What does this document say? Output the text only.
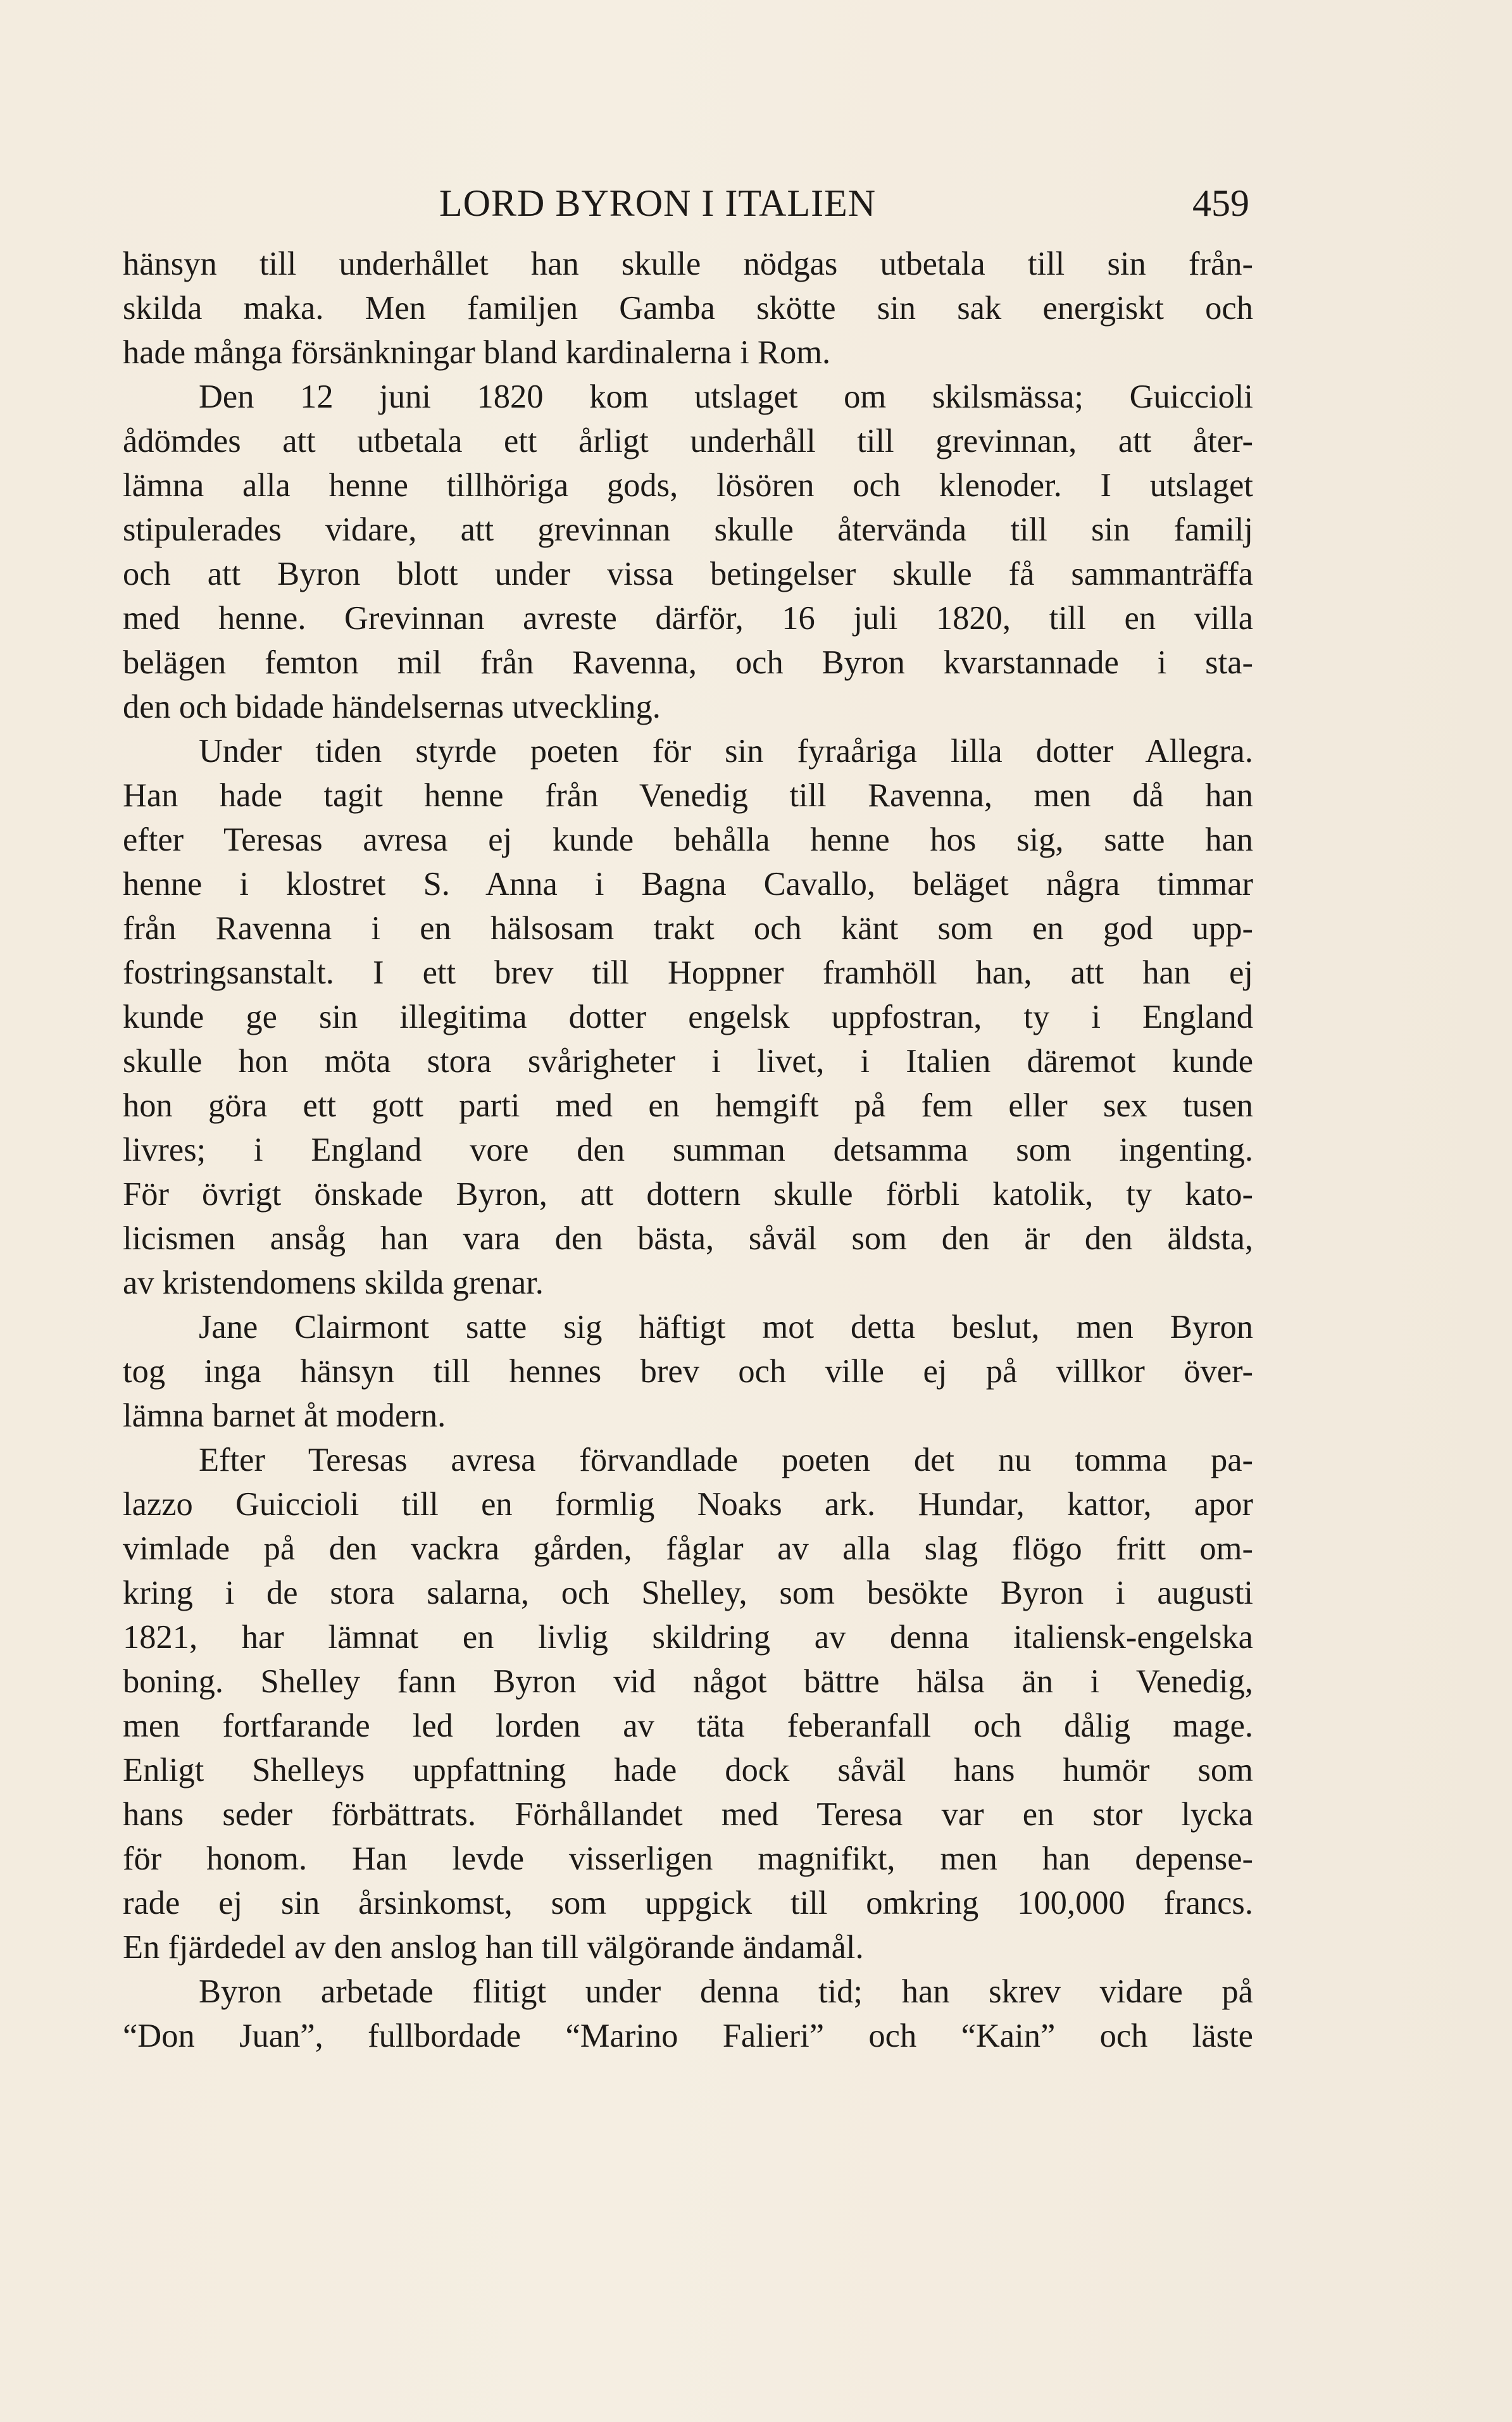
LORD BYRON I ITALIEN	459
hänsyn till underhållet han skulle nödgas utbetala till sin från-
skilda maka. Men familjen Gamba skötte sin sak energiskt och
hade många försänkningar bland kardinalerna i Rom.
Den 12 juni 1820 kom utslaget om skilsmässa; Guiccioli
ådömdes att utbetala ett årligt underhåll till grevinnan, att åter-
lämna alla henne tillhöriga gods, lösören och klenoder. I utslaget
stipulerades vidare, att grevinnan skulle återvända till sin familj
och att Byron blott under vissa betingelser skulle få sammanträffa
med henne. Grevinnan avreste därför, 16 juli 1820, till en villa
belägen femton mil från Ravenna, och Byron kvarstannade i sta-
den och bidade händelsernas utveckling.
Under tiden styrde poeten för sin fyraåriga lilla dotter Allegra.
Han hade tagit henne från Venedig till Ravenna, men då han
efter Teresas avresa ej kunde behålla henne hos sig, satte han
henne i klostret S. Anna i Bagna Cavallo, beläget några timmar
från Ravenna i en hälsosam trakt och känt som en god upp-
fostringsanstalt. I ett brev till Hoppner framhöll han, att han ej
kunde ge sin illegitima dotter engelsk uppfostran, ty i England
skulle hon möta stora svårigheter i livet, i Italien däremot kunde
hon göra ett gott parti med en hemgift på fem eller sex tusen
livres; i England vore den summan detsamma som ingenting.
För övrigt önskade Byron, att dottern skulle förbli katolik, ty kato-
licismen ansåg han vara den bästa, såväl som den är den äldsta,
av kristendomens skilda grenar.
Jane Clairmont satte sig häftigt mot detta beslut, men Byron
tog inga hänsyn till hennes brev och ville ej på villkor över-
lämna barnet åt modern.
Efter Teresas avresa förvandlade poeten det nu tomma pa-
lazzo Guiccioli till en formlig Noaks ark. Hundar, kattor, apor
vimlade på den vackra gården, fåglar av alla slag flögo fritt om-
kring i de stora salarna, och Shelley, som besökte Byron i augusti
1821, har lämnat en livlig skildring av denna italiensk-engelska
boning. Shelley fann Byron vid något bättre hälsa än i Venedig,
men fortfarande led lorden av täta feberanfall och dålig mage.
Enligt Shelleys uppfattning hade dock såväl hans humör som
hans seder förbättrats. Förhållandet med Teresa var en stor lycka
för honom. Han levde visserligen magnifikt, men han depense-
rade ej sin årsinkomst, som uppgick till omkring 100,000 francs.
En fjärdedel av den anslog han till välgörande ändamål.
Byron arbetade flitigt under denna tid; han skrev vidare på
“Don Juan”, fullbordade “Marino Falieri” och “Kain” och läste
